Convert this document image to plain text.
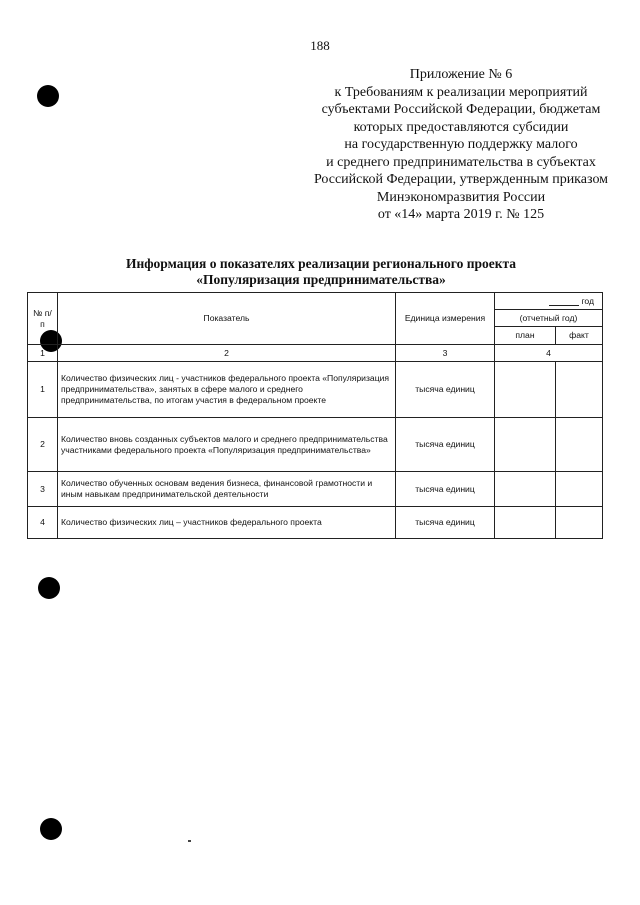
188
Приложение № 6
к Требованиям к реализации мероприятий
субъектами Российской Федерации, бюджетам
которых предоставляются субсидии
на государственную поддержку малого
и среднего предпринимательства в субъектах
Российской Федерации, утвержденным приказом
Минэкономразвития России
от «14» марта 2019 г. № 125
Информация о показателях реализации регионального проекта
«Популяризация предпринимательства»
№ п/п	Показатель	Единица измерения	год	
			(отчетный год)	
			план	факт
1	2	3	4	
1	Количество физических лиц - участников федерального проекта «Популяризация предпринимательства», занятых в сфере малого и среднего предпринимательства, по итогам участия в федеральном проекте	тысяча единиц		
2	Количество вновь созданных субъектов малого и среднего предпринимательства участниками федерального проекта «Популяризация предпринимательства»	тысяча единиц		
3	Количество обученных основам ведения бизнеса, финансовой грамотности и иным навыкам предпринимательской деятельности	тысяча единиц		
4	Количество физических лиц – участников федерального проекта	тысяча единиц		
